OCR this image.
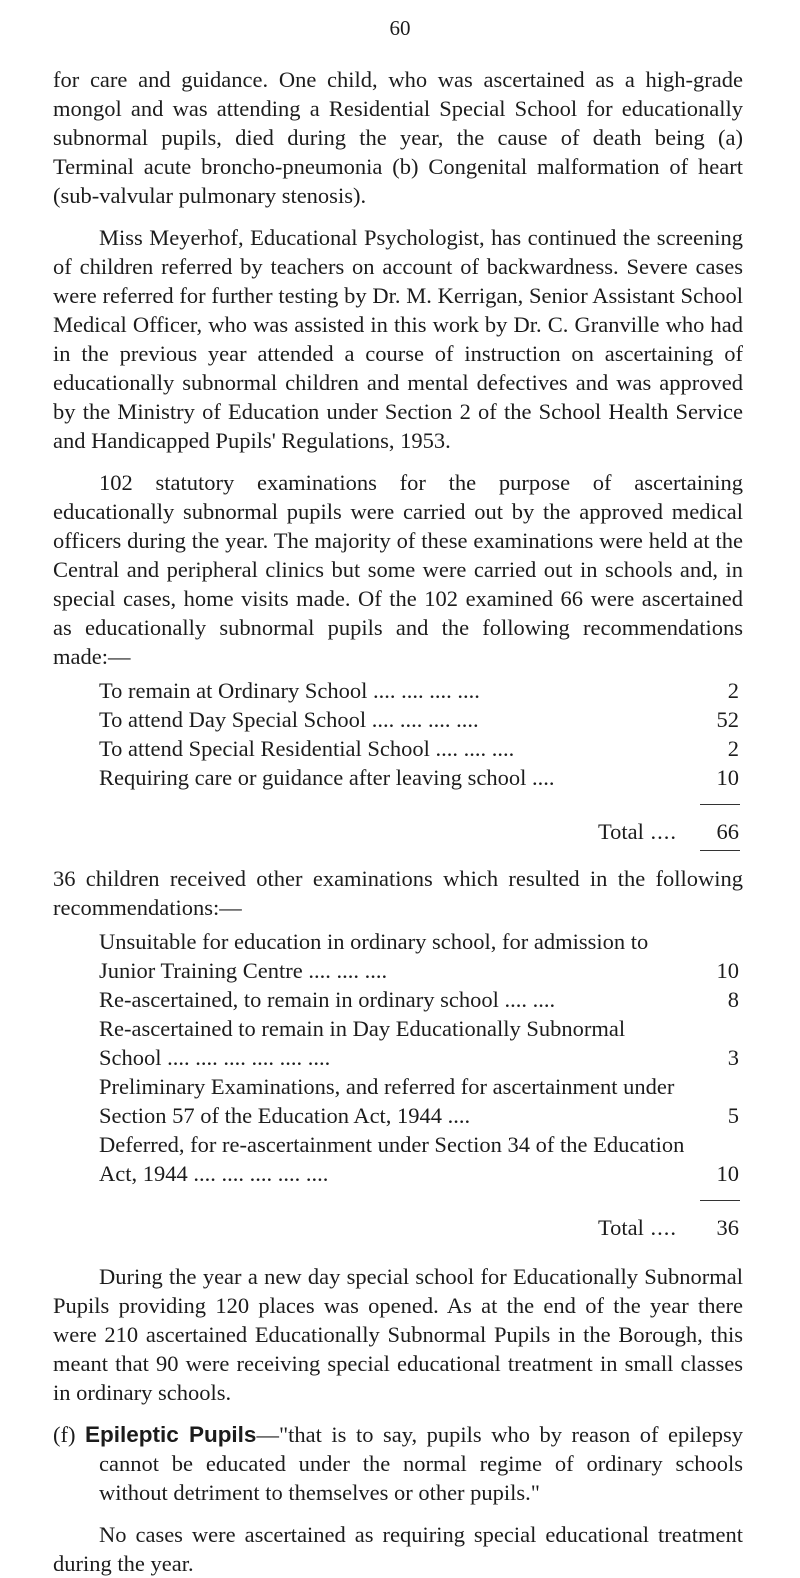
60

for care and guidance. One child, who was ascertained as a high-grade mongol and was attending a Residential Special School for educationally subnormal pupils, died during the year, the cause of death being (a) Terminal acute broncho-pneumonia (b) Congenital malformation of heart (sub-valvular pulmonary stenosis).

Miss Meyerhof, Educational Psychologist, has continued the screening of children referred by teachers on account of backwardness. Severe cases were referred for further testing by Dr. M. Kerrigan, Senior Assistant School Medical Officer, who was assisted in this work by Dr. C. Granville who had in the previous year attended a course of instruction on ascertaining of educationally subnormal children and mental defectives and was approved by the Ministry of Education under Section 2 of the School Health Service and Handicapped Pupils' Regulations, 1953.

102 statutory examinations for the purpose of ascertaining educationally subnormal pupils were carried out by the approved medical officers during the year. The majority of these examinations were held at the Central and peripheral clinics but some were carried out in schools and, in special cases, home visits made. Of the 102 examined 66 were ascertained as educationally subnormal pupils and the following recommendations made:—

To remain at Ordinary School .... .... .... ....	2
To attend Day Special School .... .... .... ....	52
To attend Special Residential School .... .... ....	2
Requiring care or guidance after leaving school ....	10
Total ....	66

36 children received other examinations which resulted in the following recommendations:—

Unsuitable for education in ordinary school, for admission to Junior Training Centre .... .... ....	10
Re-ascertained, to remain in ordinary school .... ....	8
Re-ascertained to remain in Day Educationally Subnormal School .... .... .... .... .... ....	3
Preliminary Examinations, and referred for ascertainment under Section 57 of the Education Act, 1944 ....	5
Deferred, for re-ascertainment under Section 34 of the Education Act, 1944 .... .... .... .... ....	10
Total ....	36

During the year a new day special school for Educationally Subnormal Pupils providing 120 places was opened. As at the end of the year there were 210 ascertained Educationally Subnormal Pupils in the Borough, this meant that 90 were receiving special educational treatment in small classes in ordinary schools.

(f) Epileptic Pupils—"that is to say, pupils who by reason of epilepsy cannot be educated under the normal regime of ordinary schools without detriment to themselves or other pupils."

No cases were ascertained as requiring special educational treatment during the year.
